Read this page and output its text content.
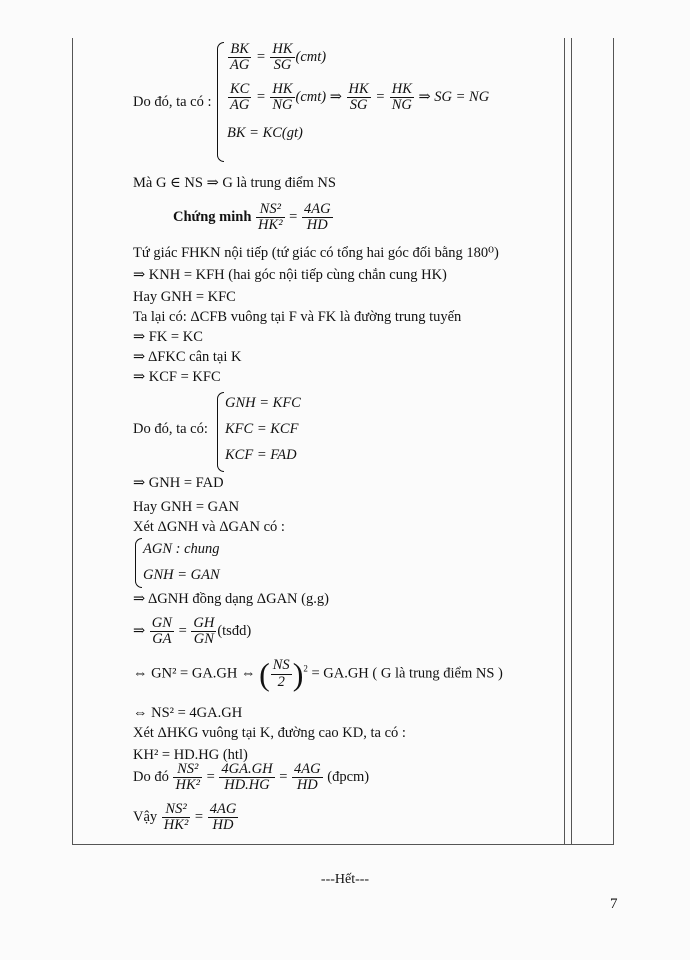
Do đó, ta có :
$\frac{BK}{AG} = \frac{HK}{SG} (cmt)$
$\frac{KC}{AG} = \frac{HK}{NG} (cmt)$ ⇒ $\frac{HK}{SG} = \frac{HK}{NG}$ ⇒ SG = NG
BK = KC(gt)
Mà G ∈ NS ⇒ G là trung điểm NS
Chứng minh $\frac{\text{NS²}}{\text{HK²}} = \frac{4AG}{HD}$
Tứ giác FHKN nội tiếp (tứ giác có tổng hai góc đối bằng 180⁰)
⇒ KNH = KFH (hai góc nội tiếp cùng chắn cung HK)
Hay GNH = KFC
Ta lại có: ΔCFB vuông tại F và FK là đường trung tuyến
⇒ FK = KC
⇒ ΔFKC cân tại K
⇒ KCF = KFC
Do đó, ta có:
GNH = KFC
KFC = KCF
KCF = FAD
⇒ GNH = FAD
Hay GNH = GAN
Xét ΔGNH và ΔGAN có :
AGN : chung
GNH = GAN
⇒ ΔGNH đồng dạng ΔGAN (g.g)
⇒ $\frac{GN}{GA} = \frac{GH}{GN}$ (tsđd)
⇔ GN² = GA.GH ⇔ ( $\frac{NS}{2} )^2 = GA.GH$ ( G là trung điểm NS )
⇔ NS² = 4GA.GH
Xét ΔHKG vuông tại K, đường cao KD, ta có :
KH² = HD.HG (htl)
Do đó $\frac{\text{NS²}}{\text{HK²}} = \frac{4GA.GH}{HD.HG} = \frac{4AG}{HD}$ (đpcm)
Vậy $\frac{\text{NS²}}{\text{HK²}} = \frac{4AG}{HD}$
---Hết---
7
